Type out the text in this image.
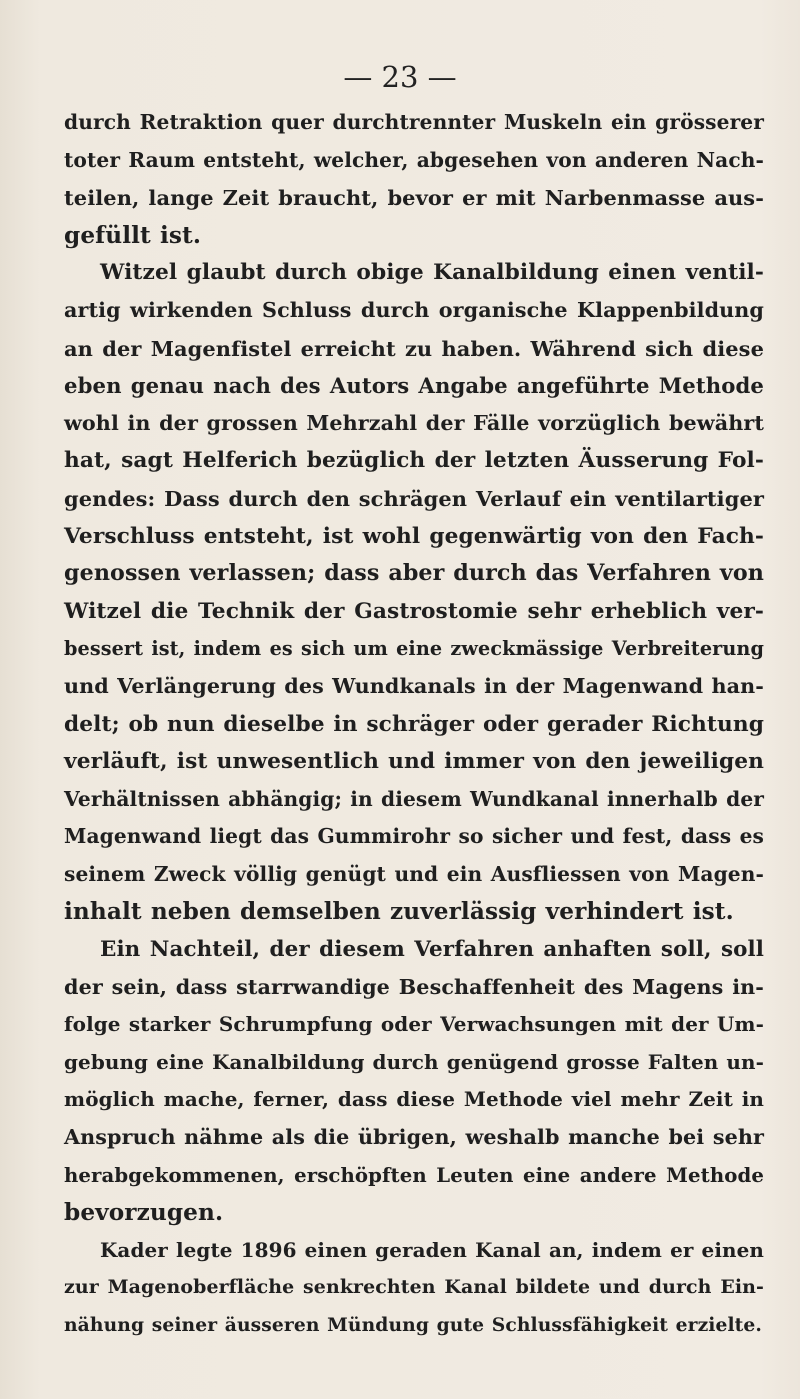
— 23 —
durch Retraktion quer durchtrennter Muskeln ein grösserer
toter Raum entsteht, welcher, abgesehen von anderen Nach-
teilen, lange Zeit braucht, bevor er mit Narbenmasse aus-
gefüllt ist.
Witzel glaubt durch obige Kanalbildung einen ventil-
artig wirkenden Schluss durch organische Klappenbildung
an der Magenfistel erreicht zu haben. Während sich diese
eben genau nach des Autors Angabe angeführte Methode
wohl in der grossen Mehrzahl der Fälle vorzüglich bewährt
hat, sagt Helferich bezüglich der letzten Äusserung Fol-
gendes: Dass durch den schrägen Verlauf ein ventilartiger
Verschluss entsteht, ist wohl gegenwärtig von den Fach-
genossen verlassen; dass aber durch das Verfahren von
Witzel die Technik der Gastrostomie sehr erheblich ver-
bessert ist, indem es sich um eine zweckmässige Verbreiterung
und Verlängerung des Wundkanals in der Magenwand han-
delt; ob nun dieselbe in schräger oder gerader Richtung
verläuft, ist unwesentlich und immer von den jeweiligen
Verhältnissen abhängig; in diesem Wundkanal innerhalb der
Magenwand liegt das Gummirohr so sicher und fest, dass es
seinem Zweck völlig genügt und ein Ausfliessen von Magen-
inhalt neben demselben zuverlässig verhindert ist.
Ein Nachteil, der diesem Verfahren anhaften soll, soll
der sein, dass starrwandige Beschaffenheit des Magens in-
folge starker Schrumpfung oder Verwachsungen mit der Um-
gebung eine Kanalbildung durch genügend grosse Falten un-
möglich mache, ferner, dass diese Methode viel mehr Zeit in
Anspruch nähme als die übrigen, weshalb manche bei sehr
herabgekommenen, erschöpften Leuten eine andere Methode
bevorzugen.
Kader legte 1896 einen geraden Kanal an, indem er einen
zur Magenoberfläche senkrechten Kanal bildete und durch Ein-
nähung seiner äusseren Mündung gute Schlussfähigkeit erzielte.
